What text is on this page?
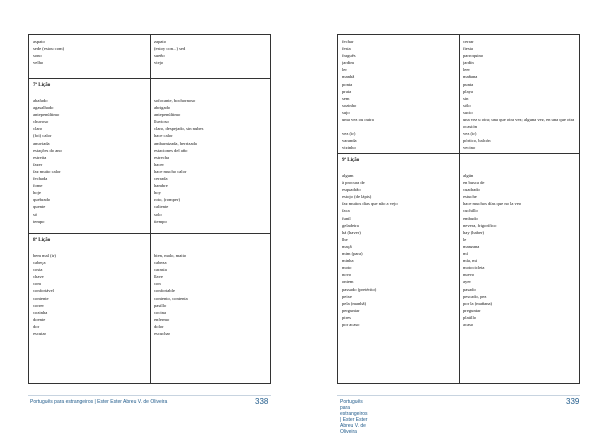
aspato
sede (estou com)
sono
velho
zapato
(estoy con...) sed
sueño
viejo
7ª Lição
abafado
agasalhado
antepenúltimo
chuvoso
claro
(foi) calor
anuviada
estações do ano
estreita
fazer
faz muito calor
fechada
fome
hoje
quebrado
quente
só
tempo
sofocante, bochornoso
abrigado
antepenúltimo
lluvioso
claro, despejado, sin nubes
hace calor
ambarnizada, herrizada
estaciones del año
estrecha
hacer
hace mucho calor
cerrada
hambre
hoy
roto, (romper)
caliente
solo
tiempo
8ª Lição
bem mal (ir)
cabeça
costa
chave
com
confortável
contente
correr
cozinha
doente
dor
escutar
bien, malo, maito
cabeza
carasta
llave
con
confortable
contento, contenta
pasillo
cocina
enfermo
dolor
escuchar
Português para estrangeiros | Ester Ester Abreu V. de Oliveira	338
fechar
festa
fraguês
jardim
ler
manhã
ponta
praia
sem
sozinho
sujo
uma vez ou outra

vez (ir)
varanda
vizinho
cerrar
fiesta
parroquino
jardín
leer
mañana
punta
playa
sin
sólo
sucio
una vez u otra; una que otra vez; alguna vez, en una que otra ocasión
vez (ir)
pórtico, balcón
vecino
9ª Lição
algum
à procura de
esquadrão
estojo (de lápis)
faz muitos dias que não a vejo
faca
funil
geladeira
há (haver)
lhe
maçã
mim (para)
minha
moto
novo
ontem
passado (pretérito)
peixe
pela (manhã)
perguntar
pires
por acaso
algún
en busca de
cuadrado
estuche
hace muchos días que no la veo
cuchillo
embudo
nevera, frigorífico
hay (haber)
le
manzana
mí
mía, mi
motocicleta
nuevo
ayer
pasado
pescado, pez
por la (mañana)
preguntar
platillo
acaso
Português para estrangeiros | Ester Ester Abreu V. de Oliveira
339
